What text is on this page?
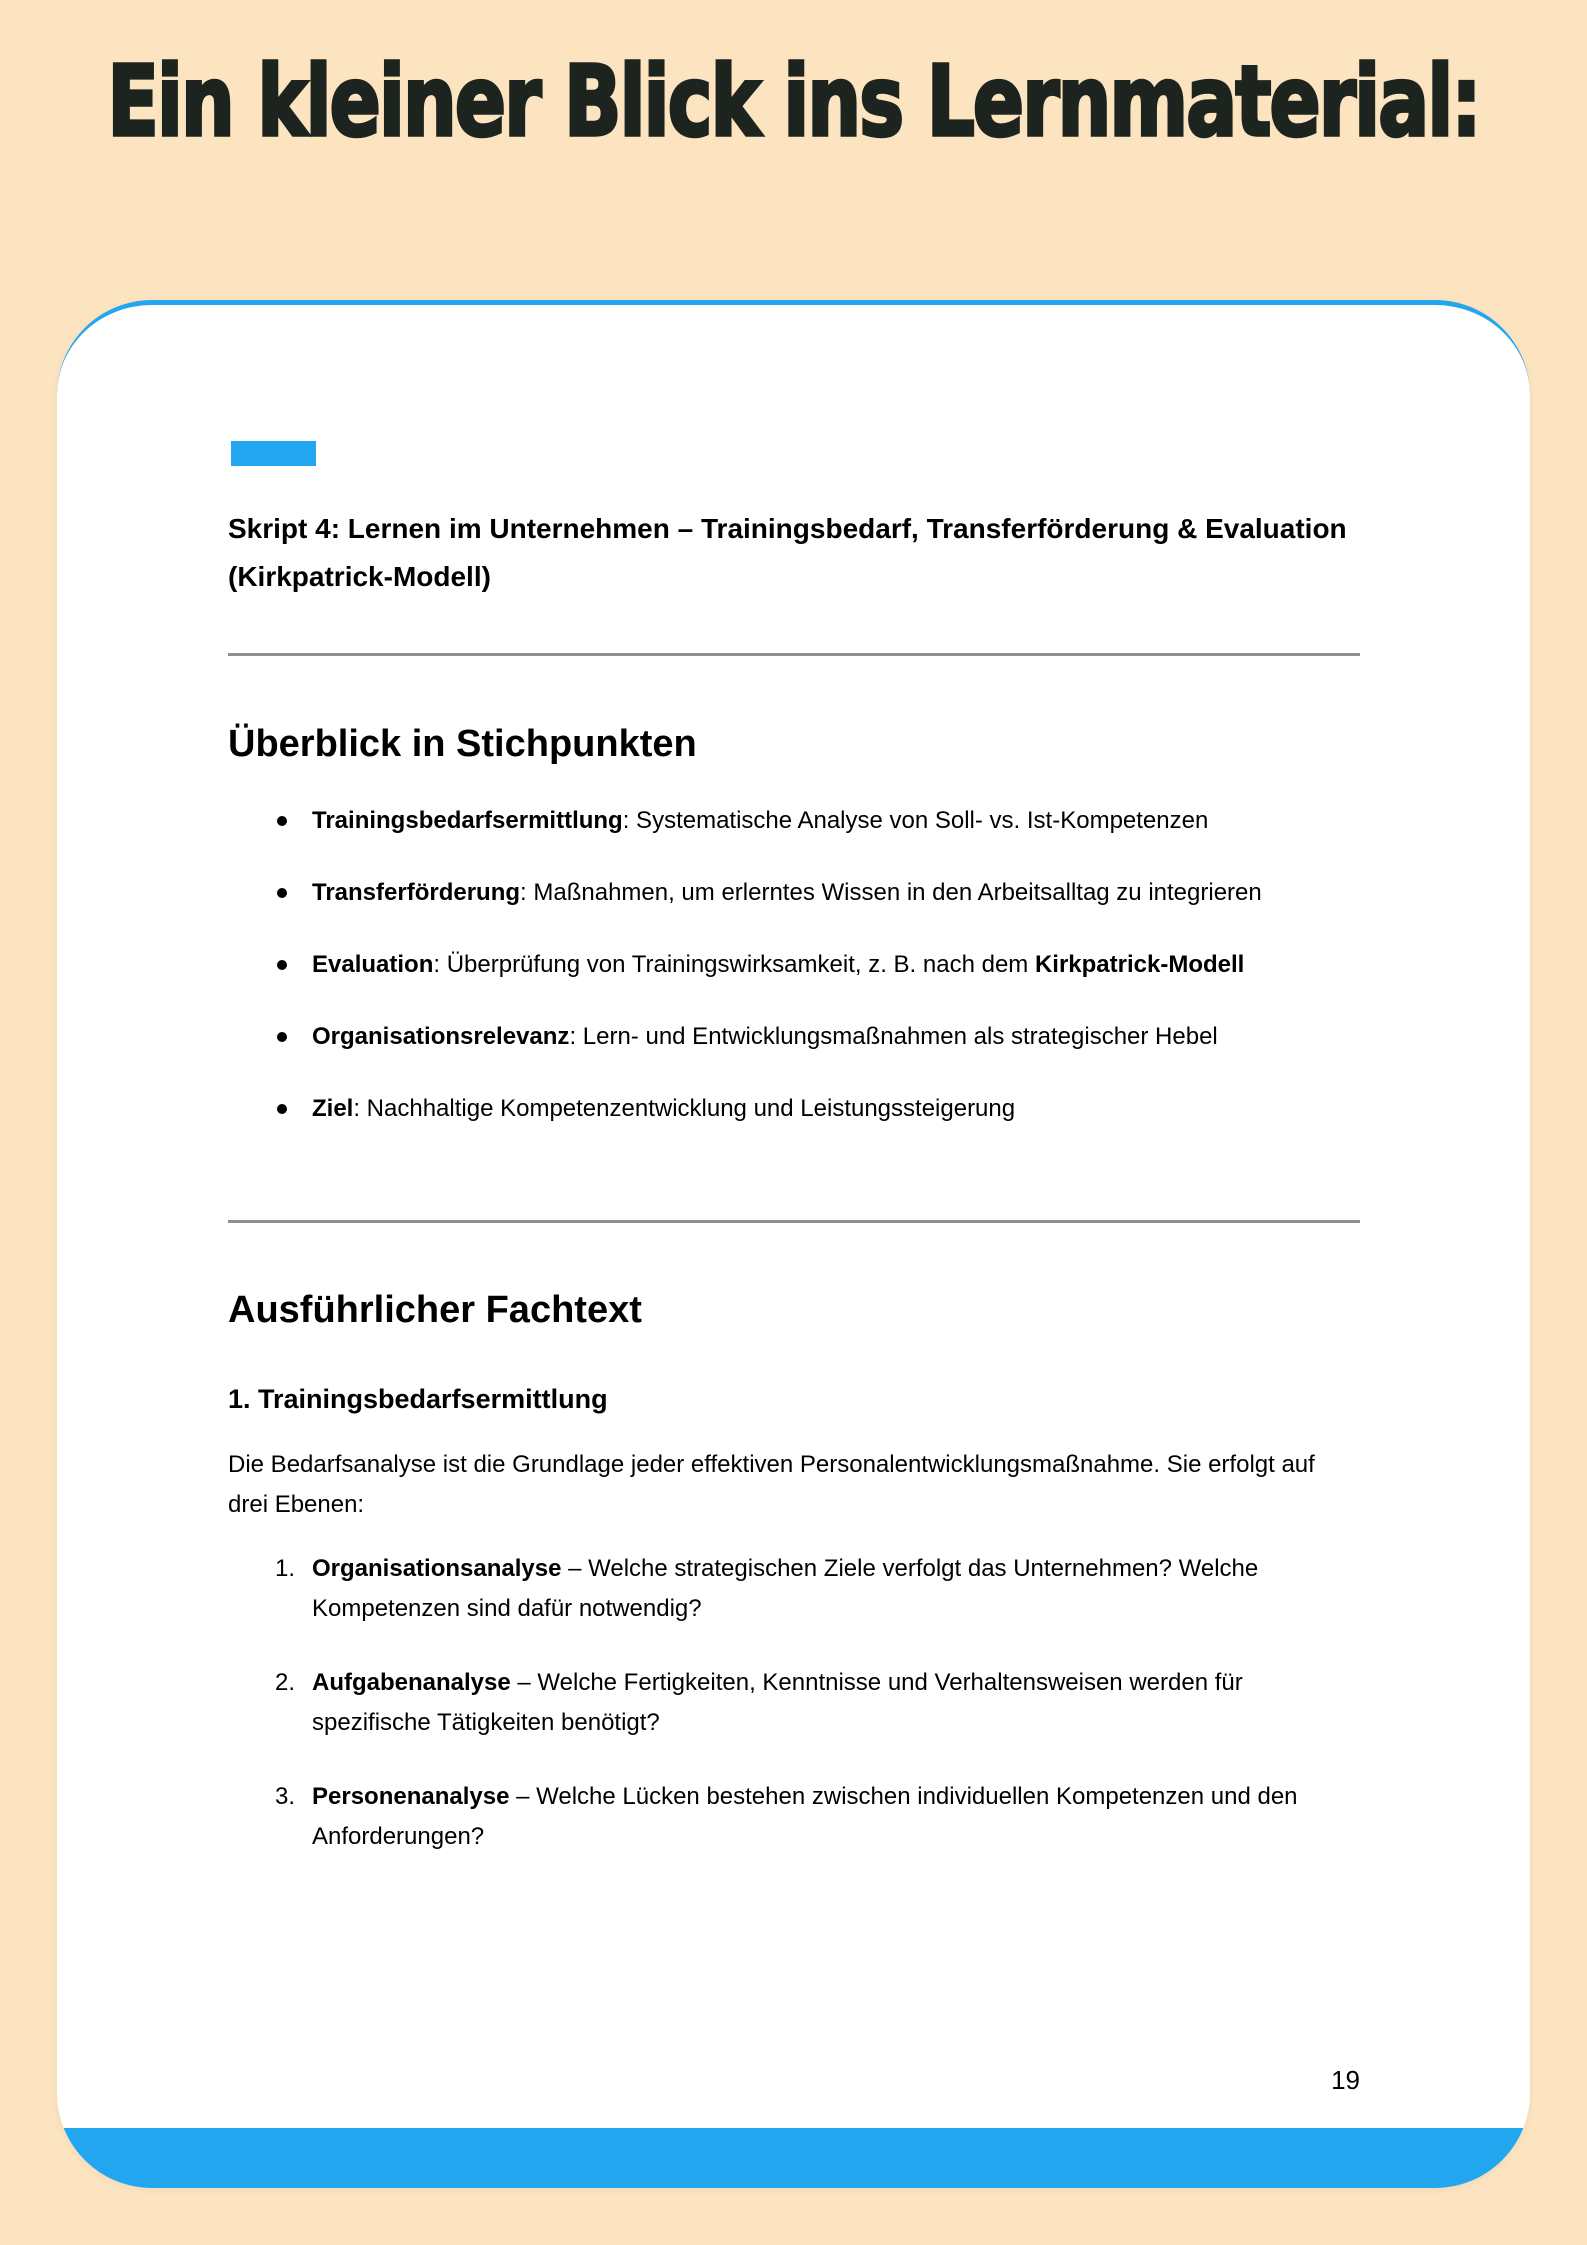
Ein kleiner Blick ins Lernmaterial:
Skript 4: Lernen im Unternehmen – Trainingsbedarf, Transferförderung & Evaluation (Kirkpatrick-Modell)
Überblick in Stichpunkten
Trainingsbedarfsermittlung: Systematische Analyse von Soll- vs. Ist-Kompetenzen
Transferförderung: Maßnahmen, um erlerntes Wissen in den Arbeitsalltag zu integrieren
Evaluation: Überprüfung von Trainingswirksamkeit, z. B. nach dem Kirkpatrick-Modell
Organisationsrelevanz: Lern- und Entwicklungsmaßnahmen als strategischer Hebel
Ziel: Nachhaltige Kompetenzentwicklung und Leistungssteigerung
Ausführlicher Fachtext
1. Trainingsbedarfsermittlung

Die Bedarfsanalyse ist die Grundlage jeder effektiven Personalentwicklungsmaßnahme. Sie erfolgt auf drei Ebenen:

1. Organisationsanalyse – Welche strategischen Ziele verfolgt das Unternehmen? Welche Kompetenzen sind dafür notwendig?
2. Aufgabenanalyse – Welche Fertigkeiten, Kenntnisse und Verhaltensweisen werden für spezifische Tätigkeiten benötigt?
3. Personenanalyse – Welche Lücken bestehen zwischen individuellen Kompetenzen und den Anforderungen?
19
